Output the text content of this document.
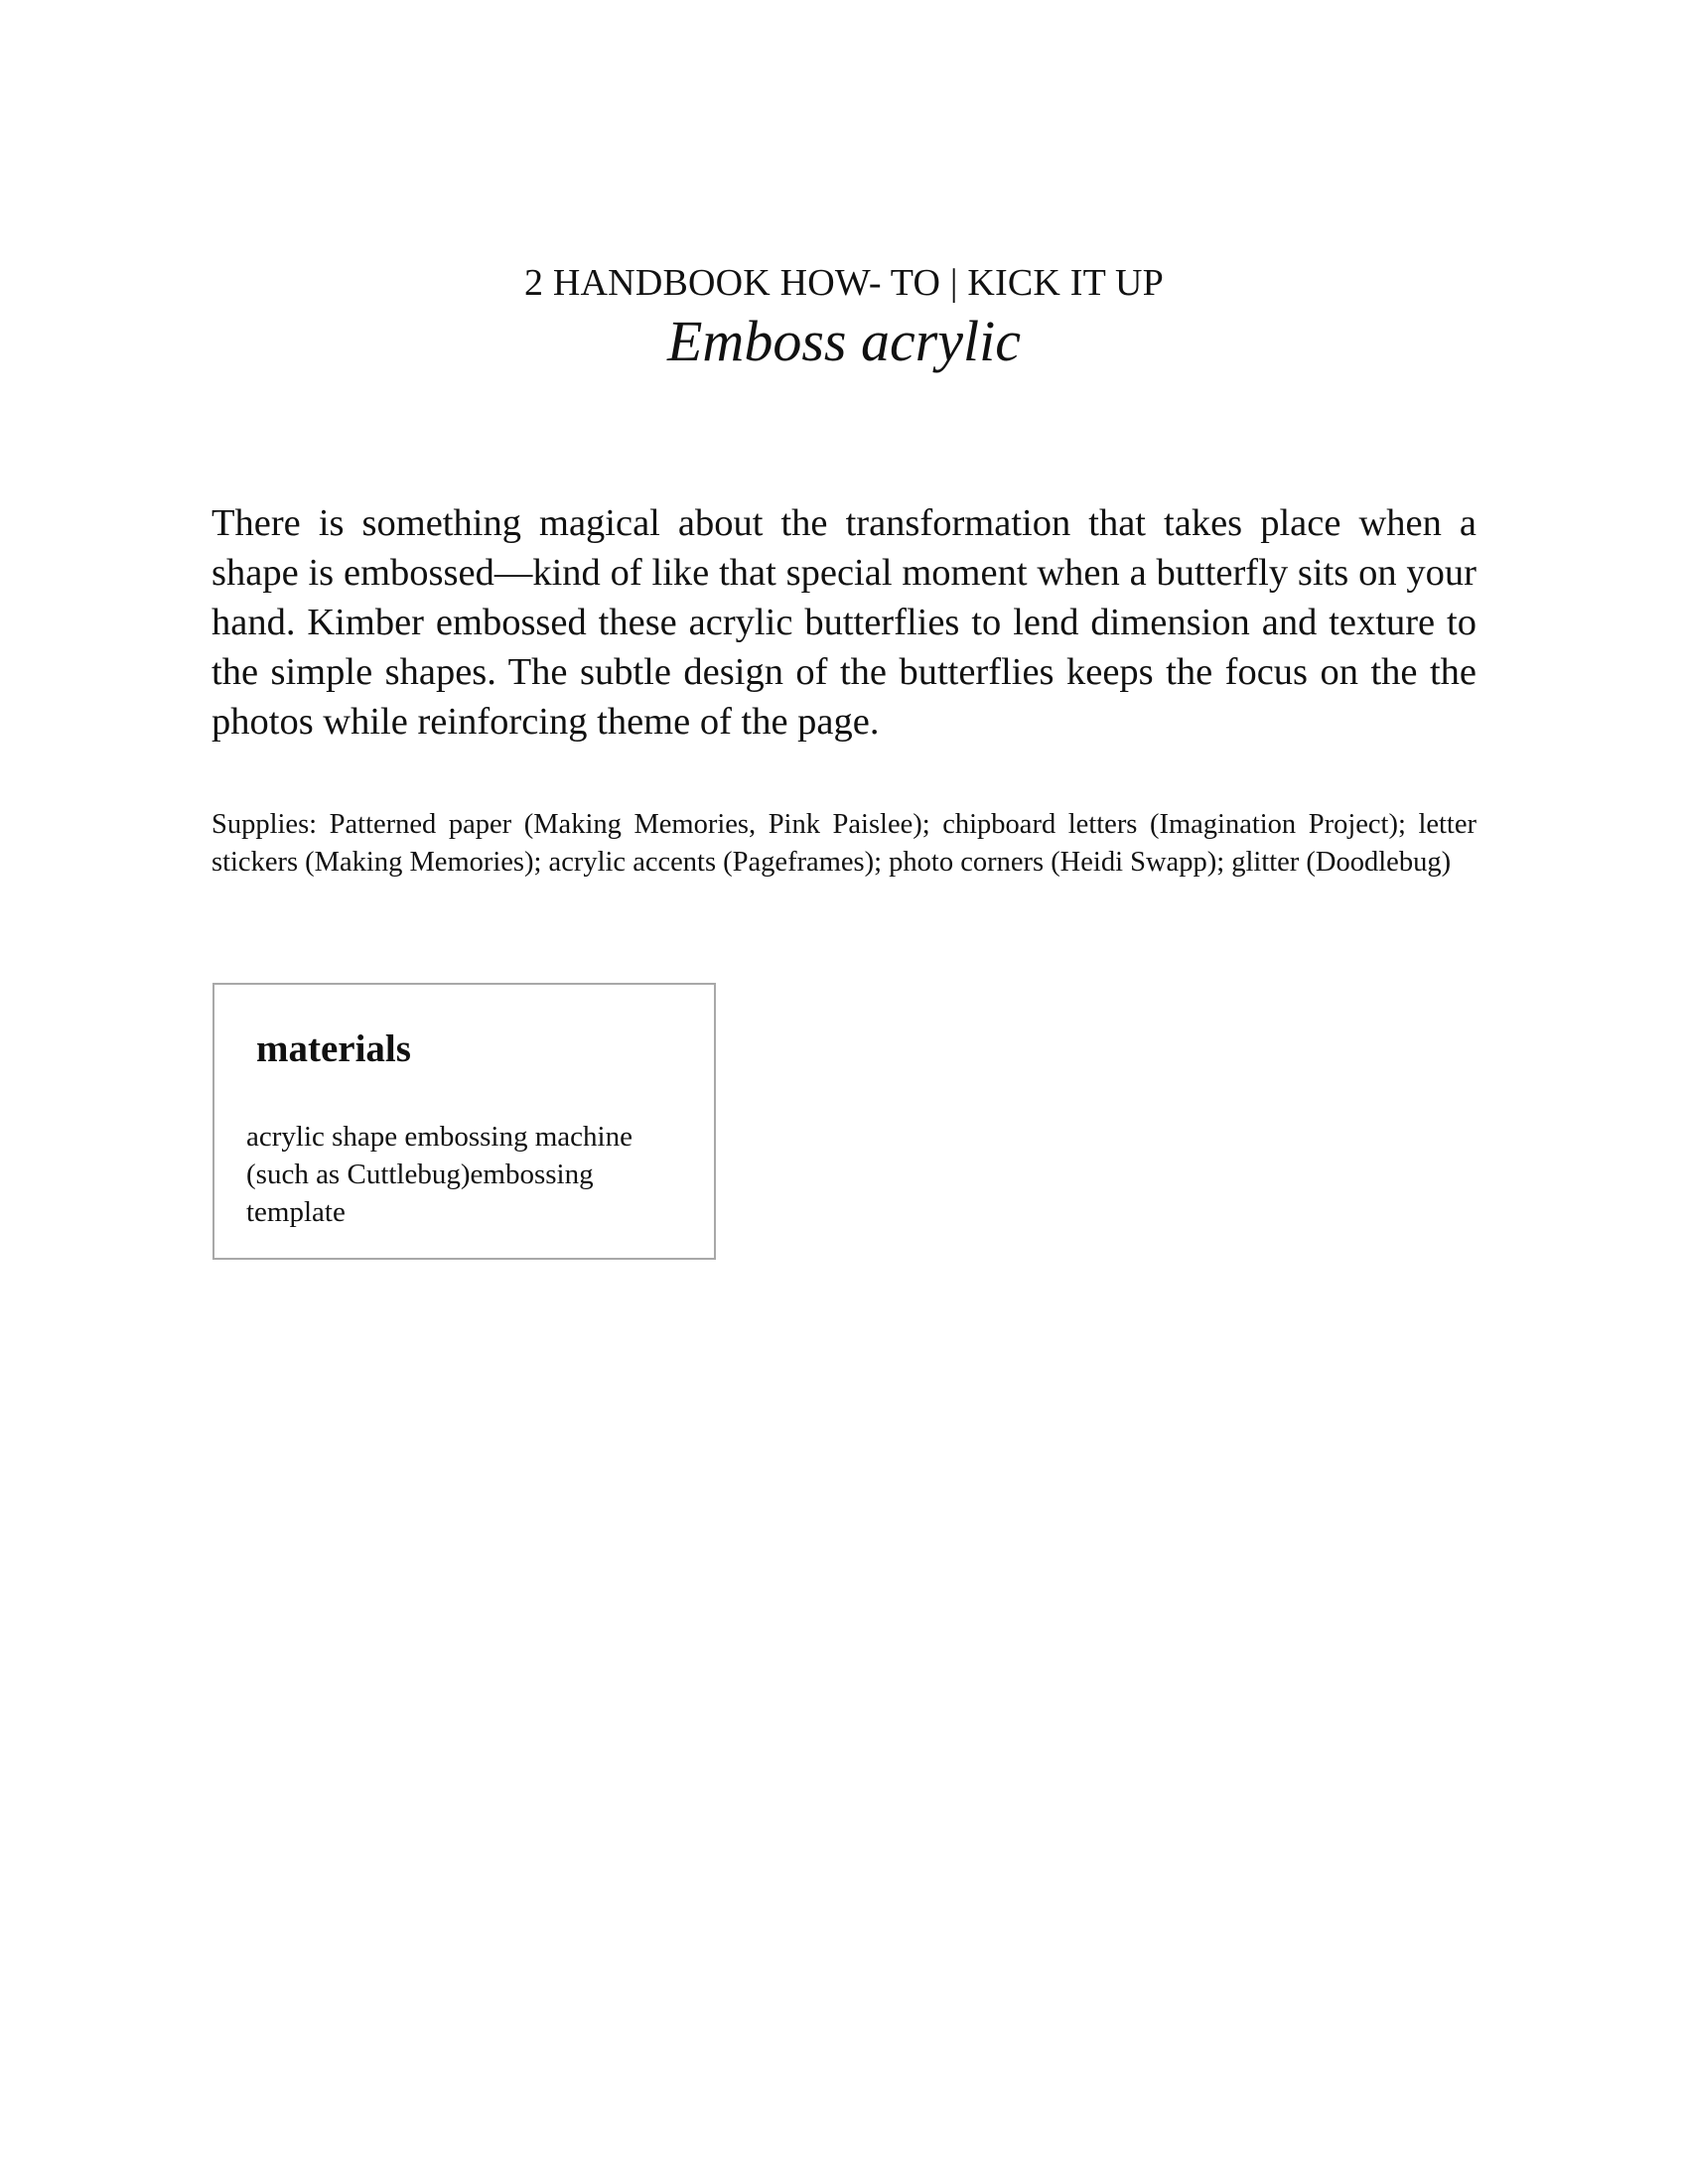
2 HANDBOOK HOW- TO | KICK IT UP
Emboss acrylic

There is something magical about the transformation that takes place when a shape is embossed—kind of like that special moment when a butterfly sits on your hand. Kimber embossed these acrylic butterflies to lend dimension and texture to the simple shapes. The subtle design of the butterflies keeps the focus on the the photos while reinforcing theme of the page.

Supplies: Patterned paper (Making Memories, Pink Paislee); chipboard letters (Imagination Project); letter stickers (Making Memories); acrylic accents (Pageframes); photo corners (Heidi Swapp); glitter (Doodlebug)

materials

acrylic shape embossing machine (such as Cuttlebug)embossing template
